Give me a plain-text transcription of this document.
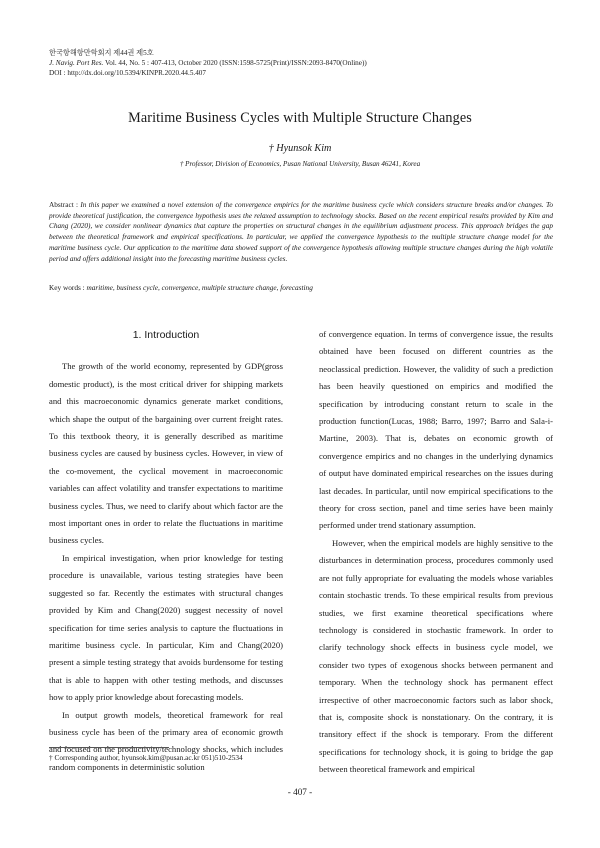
한국항해항만학회지 제44권 제5호
J. Navig. Port Res. Vol. 44, No. 5 : 407-413, October 2020 (ISSN:1598-5725(Print)/ISSN:2093-8470(Online))
DOI : http://dx.doi.org/10.5394/KINPR.2020.44.5.407
Maritime Business Cycles with Multiple Structure Changes
† Hyunsok Kim
† Professor, Division of Economics, Pusan National University, Busan 46241, Korea
Abstract : In this paper we examined a novel extension of the convergence empirics for the maritime business cycle which considers structure breaks and/or changes. To provide theoretical justification, the convergence hypothesis uses the relaxed assumption to technology shocks. Based on the recent empirical results provided by Kim and Chang (2020), we consider nonlinear dynamics that capture the properties on structural changes in the equilibrium adjustment process. This approach bridges the gap between the theoretical framework and empirical specifications. In particular, we applied the convergence hypothesis to the multiple structure change model for the maritime business cycle. Our application to the maritime data showed support of the convergence hypothesis allowing multiple structure changes during the high volatile period and offers additional insight into the forecasting maritime business cycles.
Key words : maritime, business cycle, convergence, multiple structure change, forecasting
1. Introduction

The growth of the world economy, represented by GDP(gross domestic product), is the most critical driver for shipping markets and this macroeconomic dynamics generate market conditions, which shape the output of the bargaining over current freight rates. To this textbook theory, it is generally described as maritime business cycles are caused by business cycles. However, in view of the co-movement, the cyclical movement in macroeconomic variables can affect volatility and transfer expectations to maritime business cycles. Thus, we need to clarify about which factor are the most important ones in order to relate the fluctuations in maritime business cycles.

In empirical investigation, when prior knowledge for testing procedure is unavailable, various testing strategies have been suggested so far. Recently the estimates with structural changes provided by Kim and Chang(2020) suggest necessity of novel specification for time series analysis to capture the fluctuations in maritime business cycle. In particular, Kim and Chang(2020) present a simple testing strategy that avoids burdensome for testing that is able to happen with other testing methods, and discusses how to apply prior knowledge about forecasting models.

In output growth models, theoretical framework for real business cycle has been of the primary area of economic growth and focused on the productivity/technology shocks, which includes random components in deterministic solution

of convergence equation. In terms of convergence issue, the results obtained have been focused on different countries as the neoclassical prediction. However, the validity of such a prediction has been heavily questioned on empirics and modified the specification by introducing constant return to scale in the production function(Lucas, 1988; Barro, 1997; Barro and Sala-i-Martine, 2003). That is, debates on economic growth of convergence empirics and no changes in the underlying dynamics of output have dominated empirical researches on the issues during last decades. In particular, until now empirical specifications to the theory for cross section, panel and time series have been mainly performed under trend stationary assumption.

However, when the empirical models are highly sensitive to the disturbances in determination process, procedures commonly used are not fully appropriate for evaluating the models whose variables contain stochastic trends. To these empirical results from previous studies, we first examine theoretical specifications where technology is considered in stochastic framework. In order to clarify technology shock effects in business cycle model, we consider two types of exogenous shocks between permanent and temporary. When the technology shock has permanent effect irrespective of other macroeconomic factors such as labor shock, that is, composite shock is nonstationary. On the contrary, it is transitory effect if the shock is temporary. From the different specifications for technology shock, it is going to bridge the gap between theoretical framework and empirical

† Corresponding author, hyunsok.kim@pusan.ac.kr 051)510-2534
- 407 -
